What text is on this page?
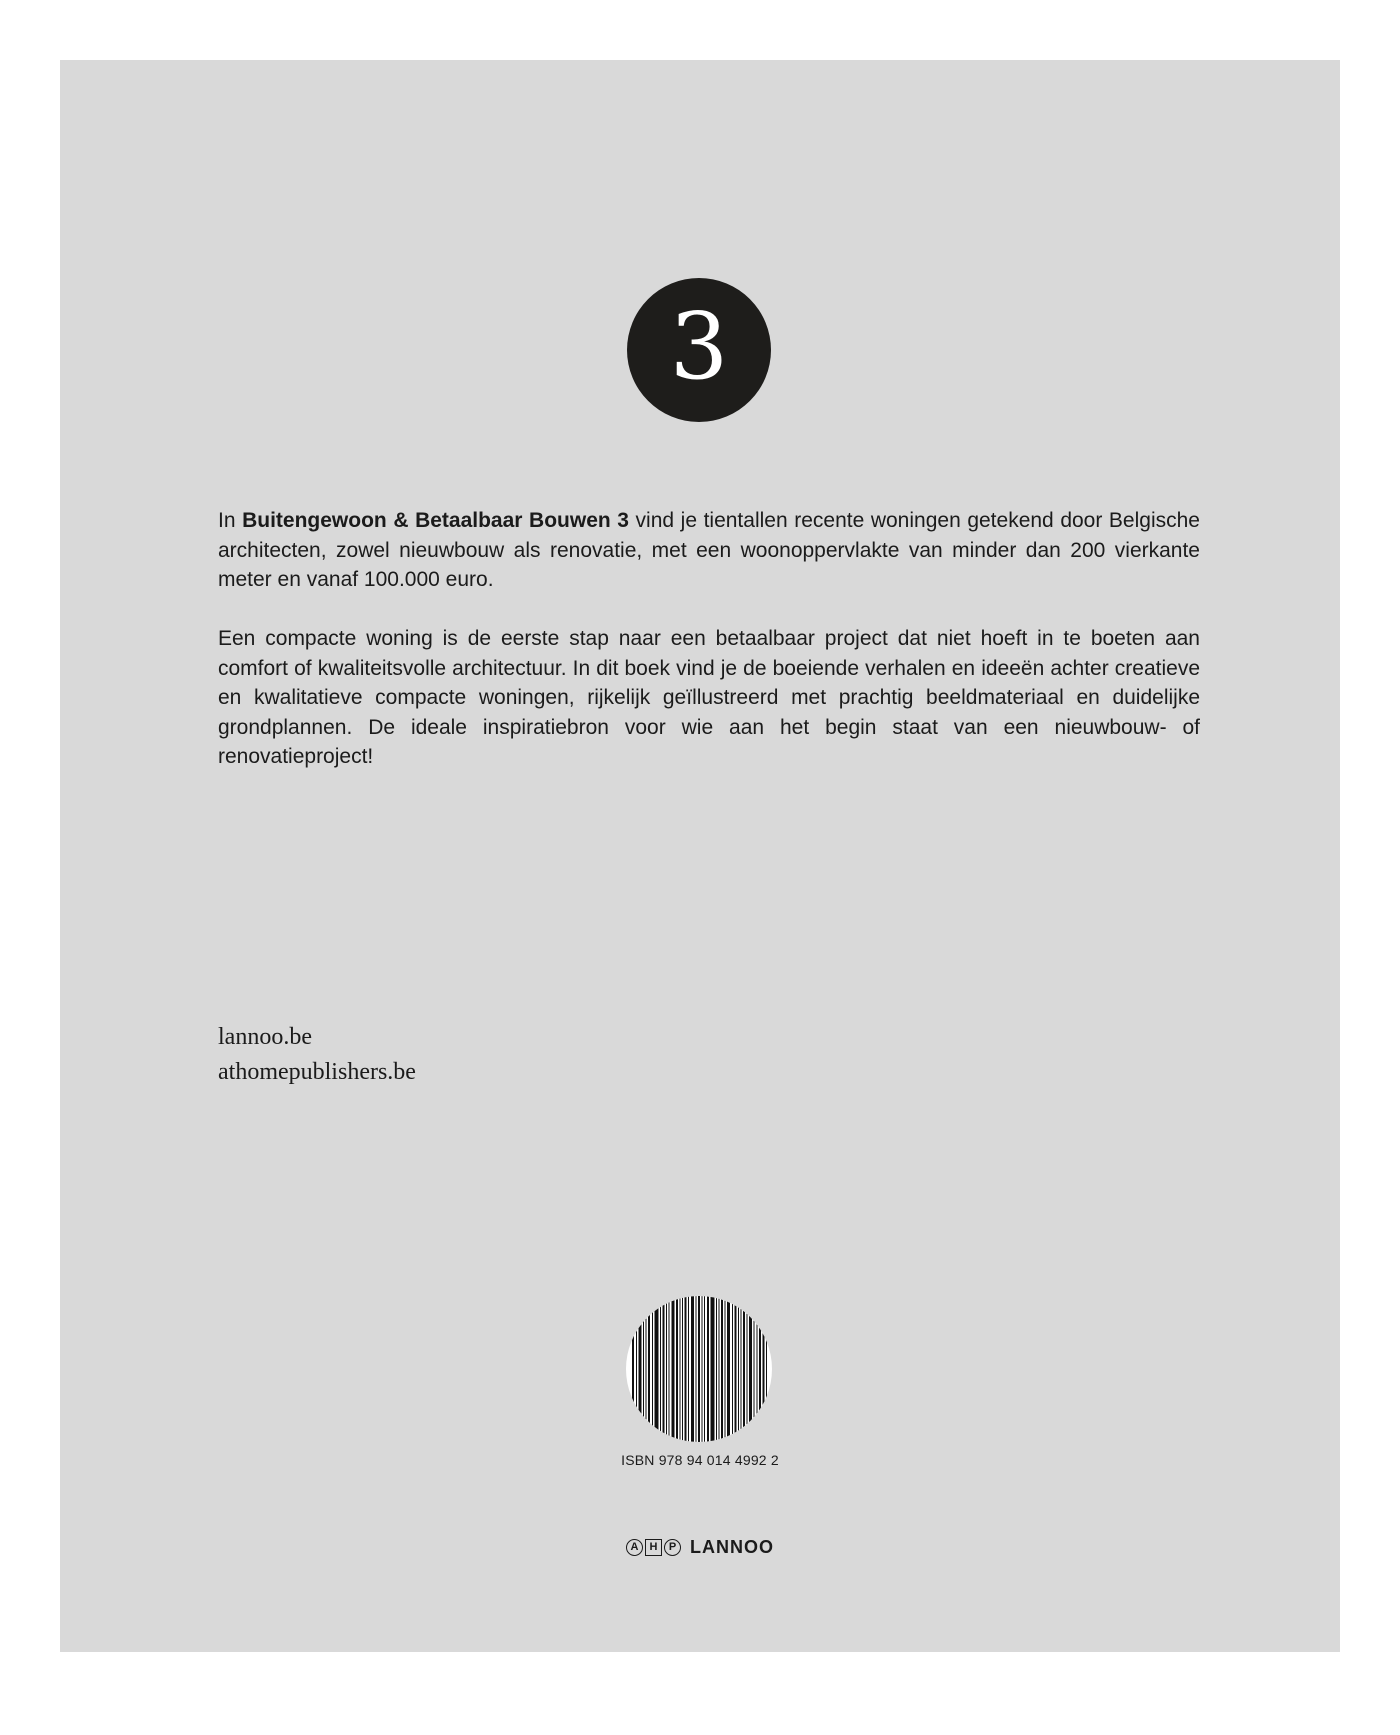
3

In Buitengewoon & Betaalbaar Bouwen 3 vind je tientallen recente woningen getekend door Belgische architecten, zowel nieuwbouw als renovatie, met een woonoppervlakte van minder dan 200 vierkante meter en vanaf 100.000 euro.

Een compacte woning is de eerste stap naar een betaalbaar project dat niet hoeft in te boeten aan comfort of kwaliteitsvolle architectuur. In dit boek vind je de boeiende verhalen en ideeën achter creatieve en kwalitatieve compacte woningen, rijkelijk geïllustreerd met prachtig beeldmateriaal en duidelijke grondplannen. De ideale inspiratiebron voor wie aan het begin staat van een nieuwbouw- of renovatieproject!

lannoo.be
athomepublishers.be
ISBN 978 94 014 4992 2
A	H	P LANNOO
